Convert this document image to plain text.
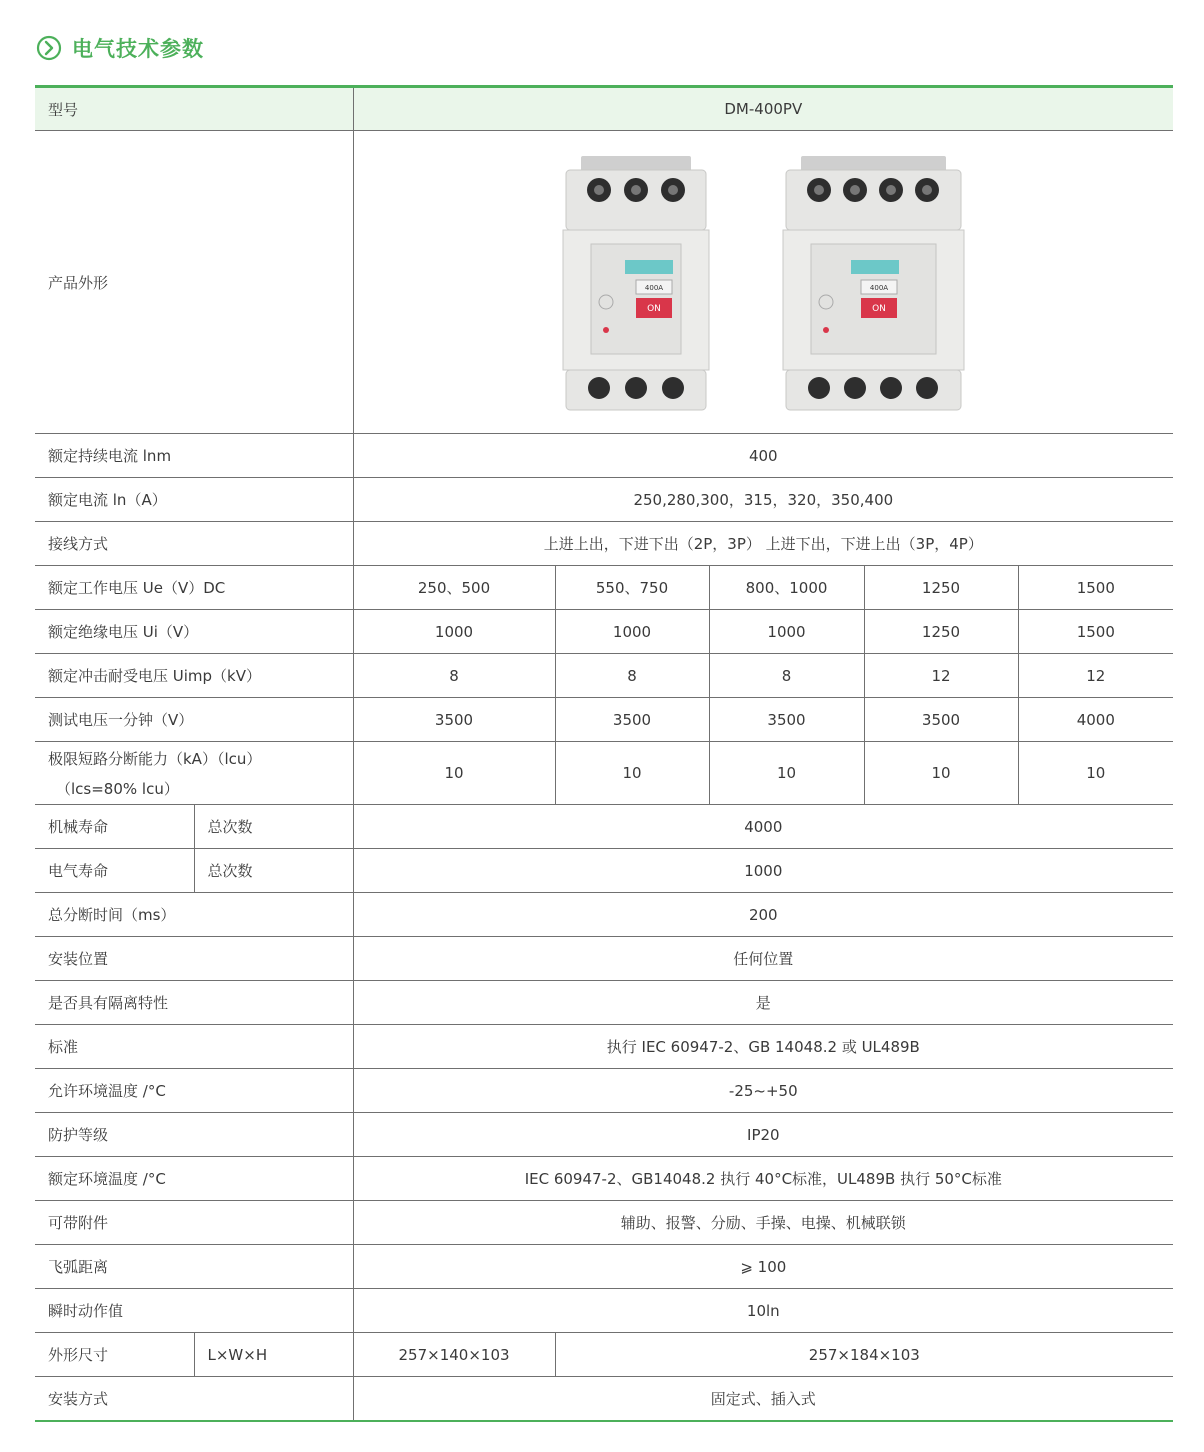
电气技术参数
型号		DM-400PV				
产品外形		400A
ON
400A
ON				

额定持续电流 lnm		400				
额定电流 ln（A）		250,280,300，315，320，350,400				
接线方式		上进上出，下进下出（2P，3P） 上进下出，下进上出（3P，4P）				
额定工作电压 Ue（V）DC		250、500	550、750	800、1000	1250	1500
额定绝缘电压 Ui（V）		1000	1000	1000	1250	1500
额定冲击耐受电压 Uimp（kV）		8	8	8	12	12
测试电压一分钟（V）		3500	3500	3500	3500	4000

极限短路分断能力（kA）（lcu）
（lcs=80% lcu）		10	10	10	10	10
机械寿命	总次数	4000				
电气寿命	总次数	1000				
总分断时间（ms）		200				
安装位置		任何位置				
是否具有隔离特性		是				
标准		执行 IEC 60947-2、GB 14048.2 或 UL489B				
允许环境温度 /°C		-25~+50				
防护等级		IP20				
额定环境温度 /°C		IEC 60947-2、GB14048.2 执行 40°C标准，UL489B 执行 50°C标准				
可带附件		辅助、报警、分励、手操、电操、机械联锁				
飞弧距离		⩾ 100				
瞬时动作值		10ln				
外形尺寸	L×W×H	257×140×103	257×184×103			
安装方式		固定式、插入式				
